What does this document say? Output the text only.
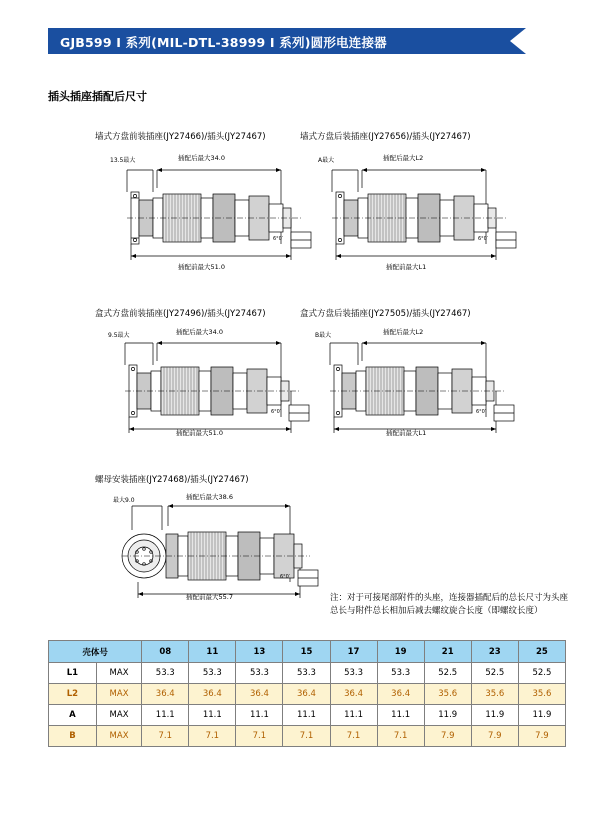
GJB599 I 系列(MIL-DTL-38999 I 系列)圆形电连接器
插头插座插配后尺寸
墙式方盘前装插座(JY27466)/插头(JY27467)	墙式方盘后装插座(JY27656)/插头(JY27467)
盒式方盘前装插座(JY27496)/插头(JY27467)	盒式方盘后装插座(JY27505)/插头(JY27467)
螺母安装插座(JY27468)/插头(JY27467)
6°0′
13.5最大	插配后最大34.0
插配前最大51.0
6°0′
A最大	插配后最大L2
插配前最大L1
6°0′
9.5最大	插配后最大34.0
插配前最大51.0
6°0′
B最大	插配后最大L2
插配前最大L1
6°0′
最大9.0	插配后最大38.6
插配前最大55.7	注：对于可接尾部附件的头座，连接器插配后的总长尺寸为头座总长与附件总长相加后减去螺纹旋合长度（即螺纹长度）
壳体号		08	11	13	15	17	19	21	23	25
L1	MAX	53.3	53.3	53.3	53.3	53.3	53.3	52.5	52.5	52.5
L2	MAX	36.4	36.4	36.4	36.4	36.4	36.4	35.6	35.6	35.6
A	MAX	11.1	11.1	11.1	11.1	11.1	11.1	11.9	11.9	11.9
B	MAX	7.1	7.1	7.1	7.1	7.1	7.1	7.9	7.9	7.9
